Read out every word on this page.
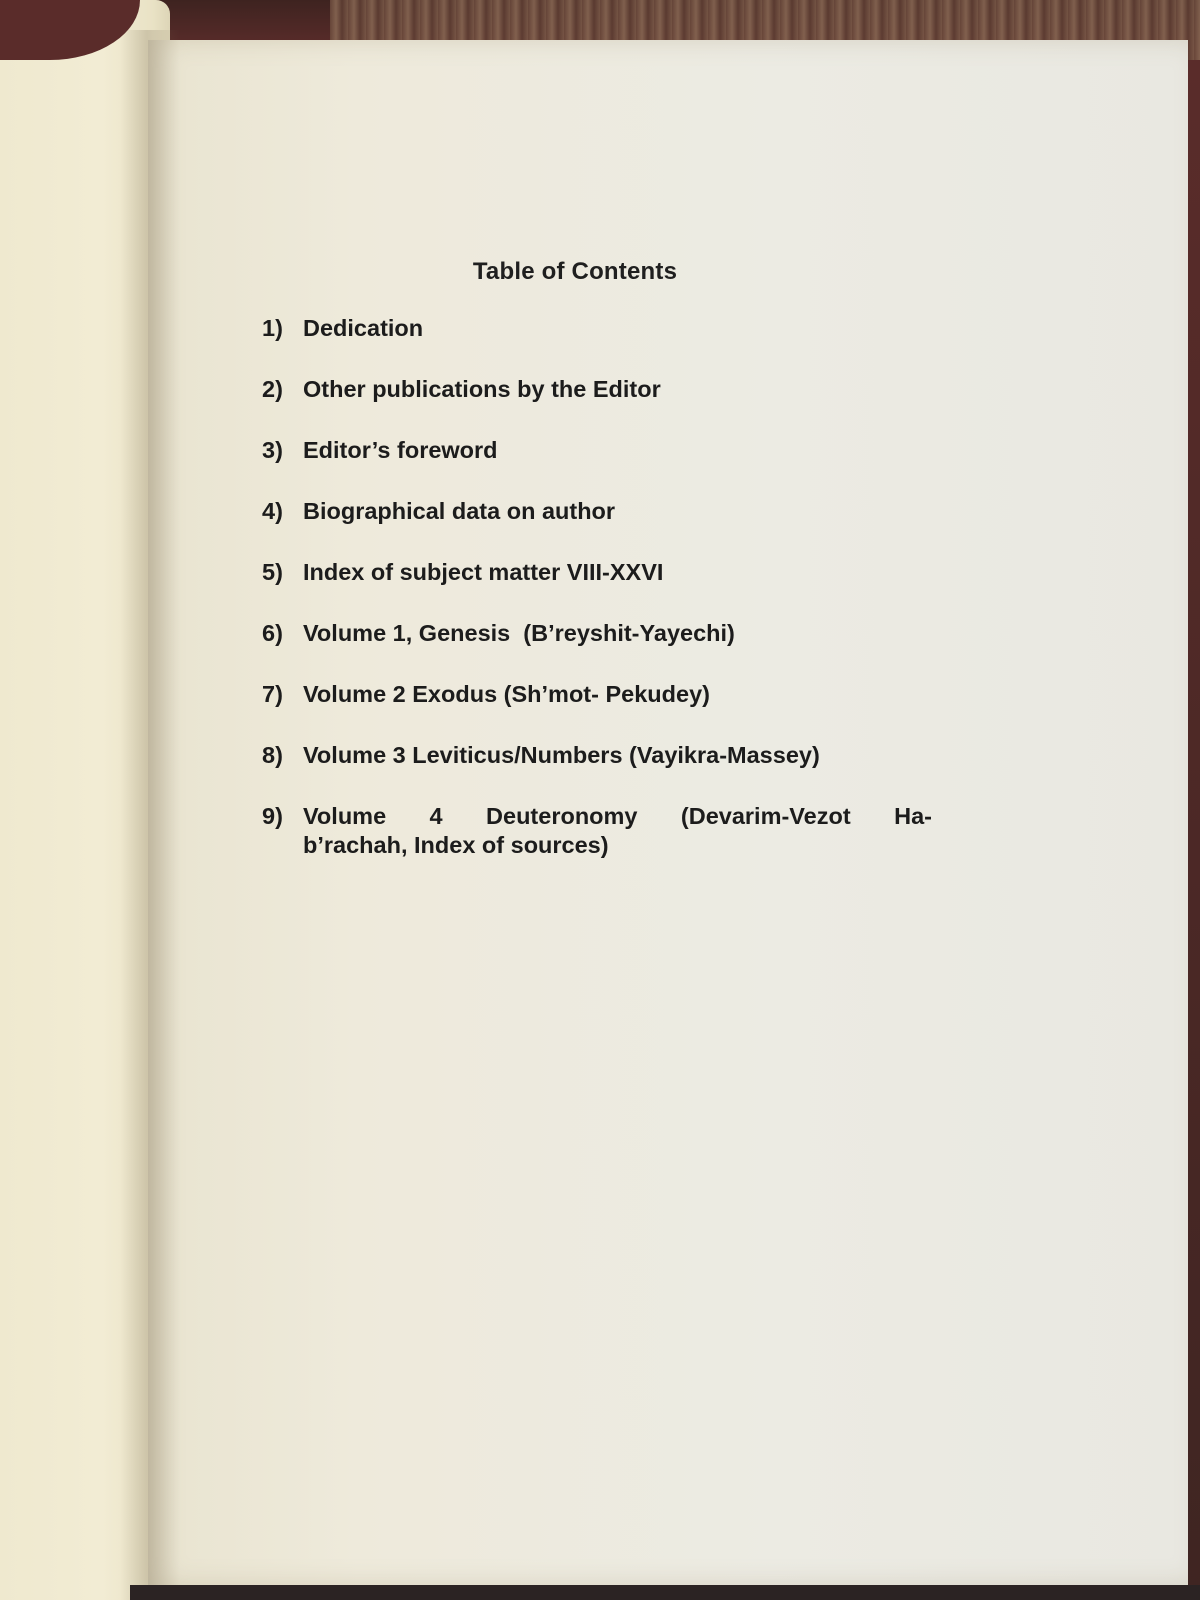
Table of Contents
1) Dedication
2) Other publications by the Editor
3) Editor’s foreword
4) Biographical data on author
5) Index of subject matter VIII-XXVI
6) Volume 1, Genesis  (B’reyshit-Yayechi)
7) Volume 2 Exodus (Sh’mot- Pekudey)
8) Volume 3 Leviticus/Numbers (Vayikra-Massey)
9) Volume 4 Deuteronomy (Devarim-Vezot Ha-
b’rachah, Index of sources)
